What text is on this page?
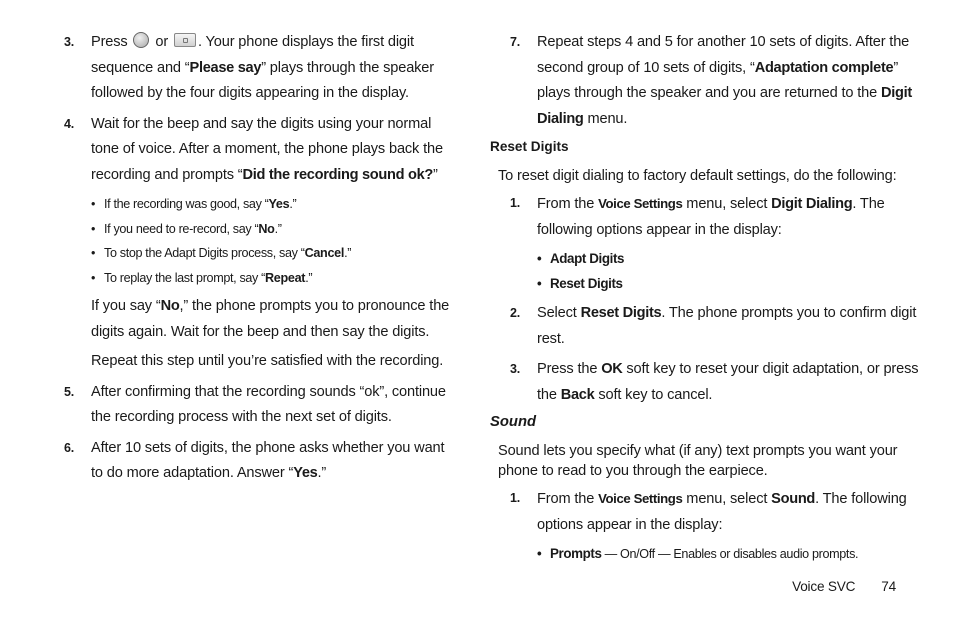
3. Press or . Your phone displays the first digit sequence and “Please say” plays through the speaker followed by the four digits appearing in the display.
4. Wait for the beep and say the digits using your normal tone of voice. After a moment, the phone plays back the recording and prompts “Did the recording sound ok?”
• If the recording was good, say “Yes.”
• If you need to re-record, say “No.”
• To stop the Adapt Digits process, say “Cancel.”
• To replay the last prompt, say “Repeat.”
If you say “No,” the phone prompts you to pronounce the digits again. Wait for the beep and then say the digits.
Repeat this step until you’re satisfied with the recording.
5. After confirming that the recording sounds “ok”, continue the recording process with the next set of digits.
6. After 10 sets of digits, the phone asks whether you want to do more adaptation. Answer “Yes.”
7. Repeat steps 4 and 5 for another 10 sets of digits. After the second group of 10 sets of digits, “Adaptation complete” plays through the speaker and you are returned to the Digit Dialing menu.
Reset Digits
To reset digit dialing to factory default settings, do the following:
1. From the Voice Settings menu, select Digit Dialing. The following options appear in the display:
• Adapt Digits
• Reset Digits
2. Select Reset Digits. The phone prompts you to confirm digit rest.
3. Press the OK soft key to reset your digit adaptation, or press the Back soft key to cancel.
Sound
Sound lets you specify what (if any) text prompts you want your phone to read to you through the earpiece.
1. From the Voice Settings menu, select Sound. The following options appear in the display:
• Prompts — On/Off — Enables or disables audio prompts.
Voice SVC 74
